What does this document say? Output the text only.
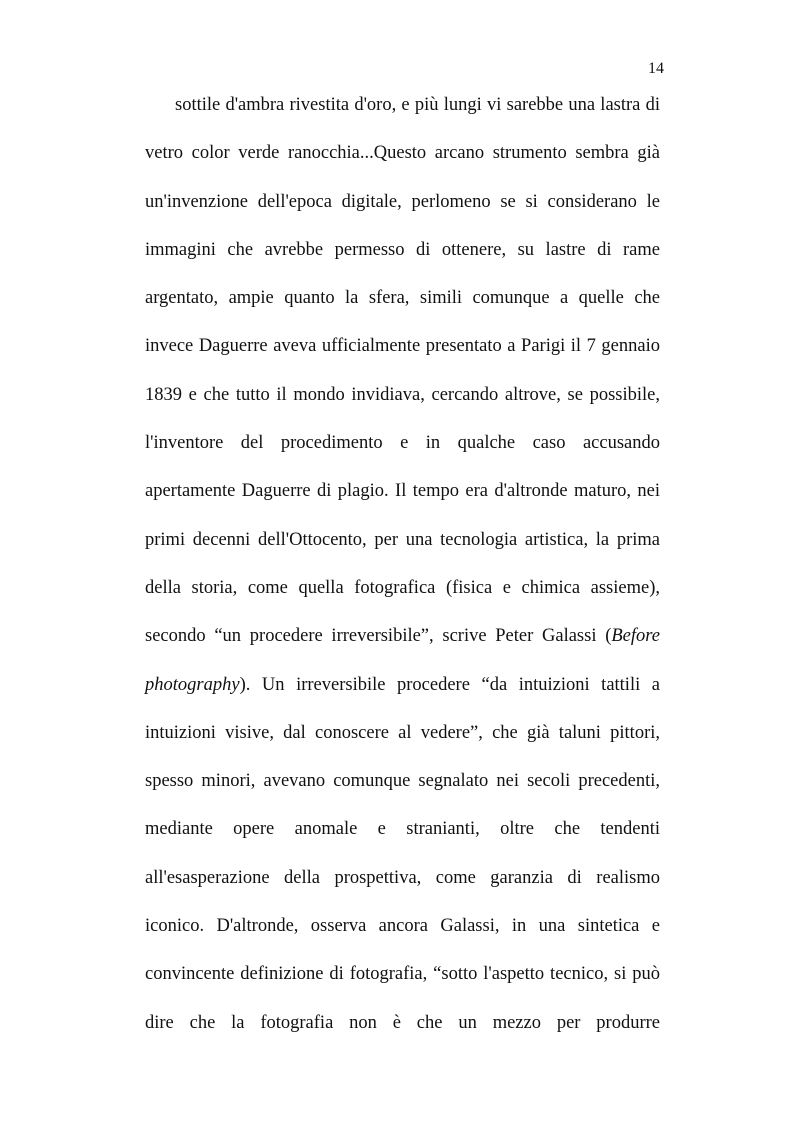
14
sottile d'ambra rivestita d'oro, e più lungi vi sarebbe una lastra di
vetro color verde ranocchia...Questo arcano strumento sembra già
un'invenzione dell'epoca digitale, perlomeno se si considerano le
immagini che avrebbe permesso di ottenere, su lastre di rame
argentato, ampie quanto la sfera, simili comunque a quelle che
invece Daguerre aveva ufficialmente presentato a Parigi il 7 gennaio
1839 e che tutto il mondo invidiava, cercando altrove, se possibile,
l'inventore del procedimento e in qualche caso accusando
apertamente Daguerre di plagio. Il tempo era d'altronde maturo, nei
primi decenni dell'Ottocento, per una tecnologia artistica, la prima
della storia, come quella fotografica (fisica e chimica assieme),
secondo “un procedere irreversibile”, scrive Peter Galassi (Before
photography). Un irreversibile procedere “da intuizioni tattili a
intuizioni visive, dal conoscere al vedere”, che già taluni pittori,
spesso minori, avevano comunque segnalato nei secoli precedenti,
mediante opere anomale e stranianti, oltre che tendenti
all'esasperazione della prospettiva, come garanzia di realismo
iconico. D'altronde, osserva ancora Galassi, in una sintetica e
convincente definizione di fotografia, “sotto l'aspetto tecnico, si può
dire che la fotografia non è che un mezzo per produrre
